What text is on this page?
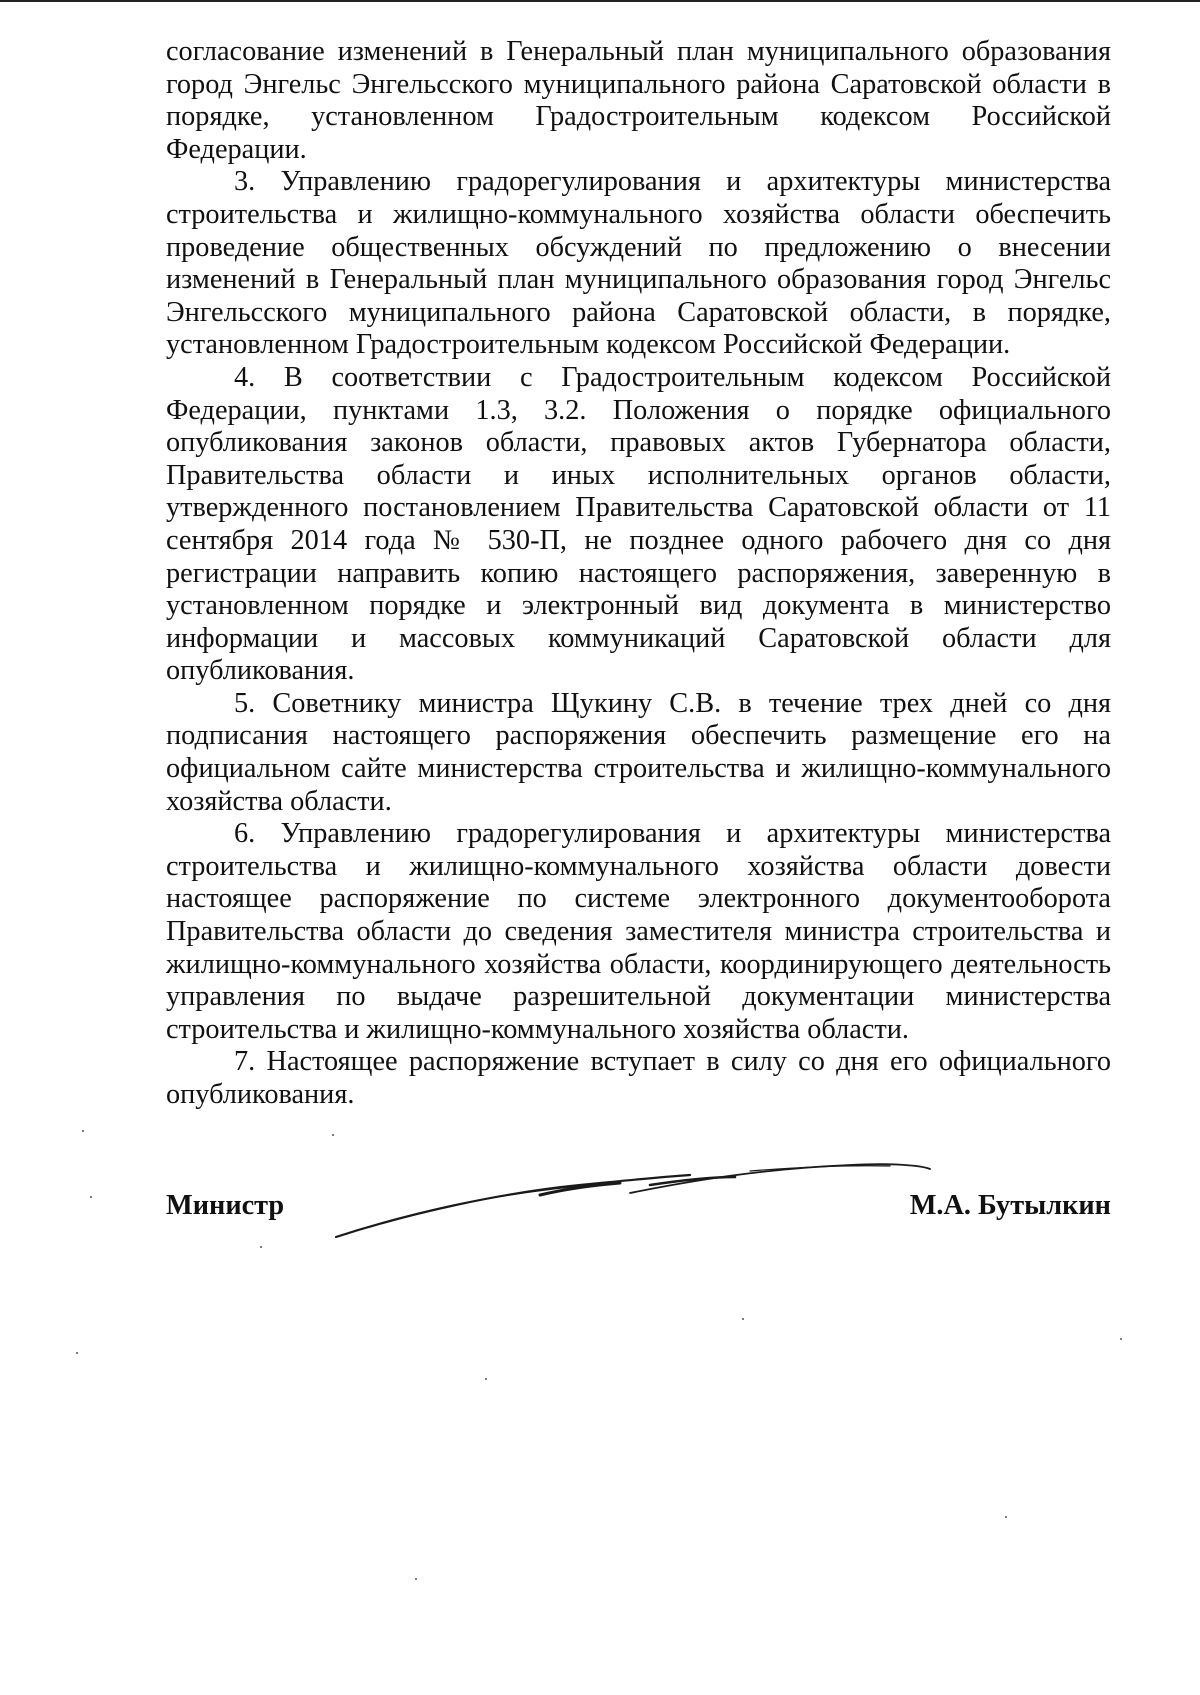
согласование изменений в Генеральный план муниципального образования город Энгельс Энгельсского муниципального района Саратовской области в порядке, установленном Градостроительным кодексом Российской Федерации.

3. Управлению градорегулирования и архитектуры министерства строительства и жилищно-коммунального хозяйства области обеспечить проведение общественных обсуждений по предложению о внесении изменений в Генеральный план муниципального образования город Энгельс Энгельсского муниципального района Саратовской области, в порядке, установленном Градостроительным кодексом Российской Федерации.

4. В соответствии с Градостроительным кодексом Российской Федерации, пунктами 1.3, 3.2. Положения о порядке официального опубликования законов области, правовых актов Губернатора области, Правительства области и иных исполнительных органов области, утвержденного постановлением Правительства Саратовской области от 11 сентября 2014 года № 530-П, не позднее одного рабочего дня со дня регистрации направить копию настоящего распоряжения, заверенную в установленном порядке и электронный вид документа в министерство информации и массовых коммуникаций Саратовской области для опубликования.

5. Советнику министра Щукину С.В. в течение трех дней со дня подписания настоящего распоряжения обеспечить размещение его на официальном сайте министерства строительства и жилищно-коммунального хозяйства области.

6. Управлению градорегулирования и архитектуры министерства строительства и жилищно-коммунального хозяйства области довести настоящее распоряжение по системе электронного документооборота Правительства области до сведения заместителя министра строительства и жилищно-коммунального хозяйства области, координирующего деятельность управления по выдаче разрешительной документации министерства строительства и жилищно-коммунального хозяйства области.

7. Настоящее распоряжение вступает в силу со дня его официального опубликования.

Министр	М.А. Бутылкин
